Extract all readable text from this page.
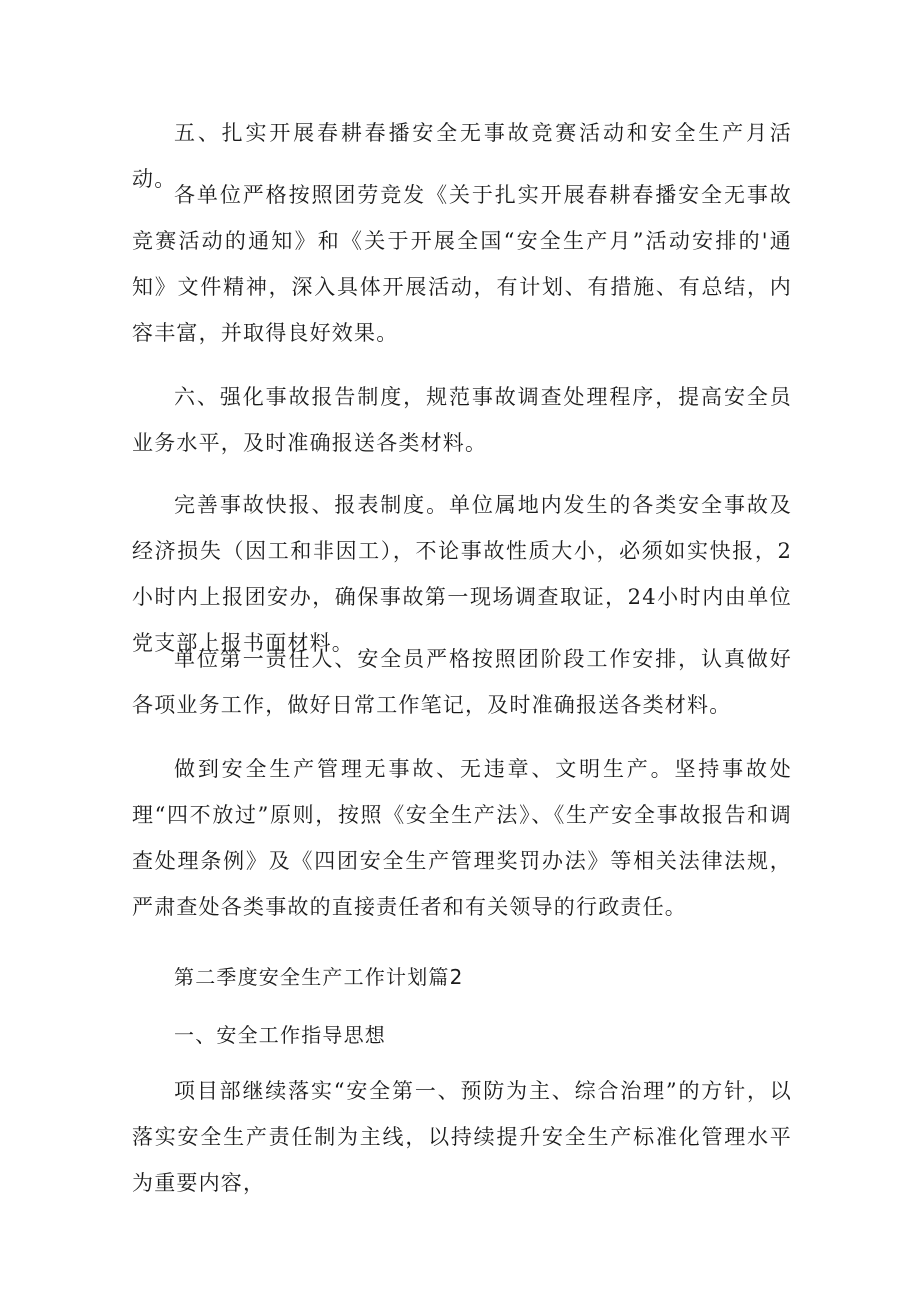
五、扎实开展春耕春播安全无事故竞赛活动和安全生产月活动。

各单位严格按照团劳竞发《关于扎实开展春耕春播安全无事故竞赛活动的通知》和《关于开展全国“安全生产月”活动安排的'通知》文件精神，深入具体开展活动，有计划、有措施、有总结，内容丰富，并取得良好效果。

六、强化事故报告制度，规范事故调查处理程序，提高安全员业务水平，及时准确报送各类材料。

完善事故快报、报表制度。单位属地内发生的各类安全事故及经济损失（因工和非因工），不论事故性质大小，必须如实快报，2小时内上报团安办，确保事故第一现场调查取证，24小时内由单位党支部上报书面材料。

单位第一责任人、安全员严格按照团阶段工作安排，认真做好各项业务工作，做好日常工作笔记，及时准确报送各类材料。

做到安全生产管理无事故、无违章、文明生产。坚持事故处理“四不放过”原则，按照《安全生产法》、《生产安全事故报告和调查处理条例》及《四团安全生产管理奖罚办法》等相关法律法规，严肃查处各类事故的直接责任者和有关领导的行政责任。

第二季度安全生产工作计划篇2

一、安全工作指导思想

项目部继续落实“安全第一、预防为主、综合治理”的方针，以落实安全生产责任制为主线，以持续提升安全生产标准化管理水平为重要内容，
